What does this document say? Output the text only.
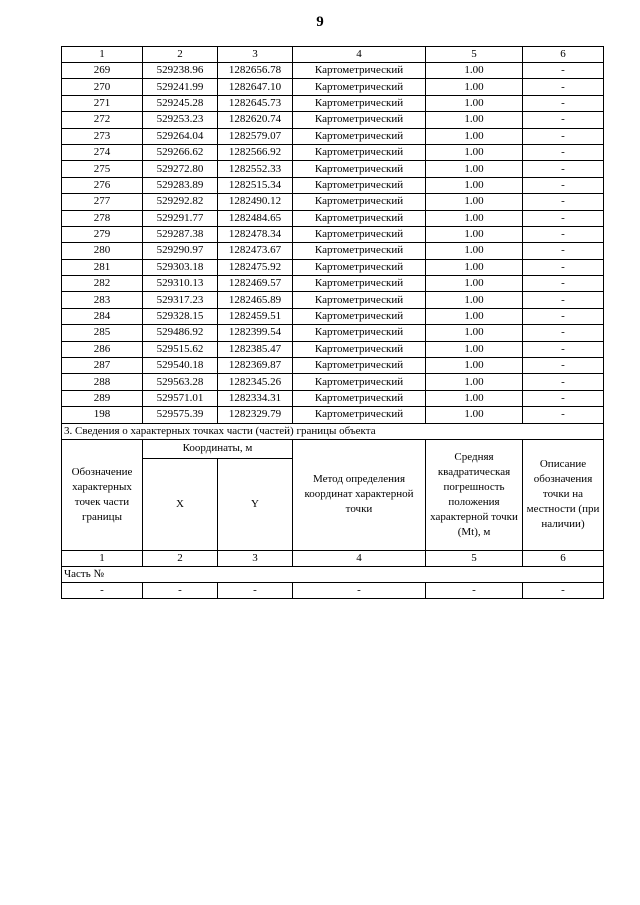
9
1	2	3	4	5	6
269	529238.96	1282656.78	Картометрический	1.00	-
270	529241.99	1282647.10	Картометрический	1.00	-
271	529245.28	1282645.73	Картометрический	1.00	-
272	529253.23	1282620.74	Картометрический	1.00	-
273	529264.04	1282579.07	Картометрический	1.00	-
274	529266.62	1282566.92	Картометрический	1.00	-
275	529272.80	1282552.33	Картометрический	1.00	-
276	529283.89	1282515.34	Картометрический	1.00	-
277	529292.82	1282490.12	Картометрический	1.00	-
278	529291.77	1282484.65	Картометрический	1.00	-
279	529287.38	1282478.34	Картометрический	1.00	-
280	529290.97	1282473.67	Картометрический	1.00	-
281	529303.18	1282475.92	Картометрический	1.00	-
282	529310.13	1282469.57	Картометрический	1.00	-
283	529317.23	1282465.89	Картометрический	1.00	-
284	529328.15	1282459.51	Картометрический	1.00	-
285	529486.92	1282399.54	Картометрический	1.00	-
286	529515.62	1282385.47	Картометрический	1.00	-
287	529540.18	1282369.87	Картометрический	1.00	-
288	529563.28	1282345.26	Картометрический	1.00	-
289	529571.01	1282334.31	Картометрический	1.00	-
198	529575.39	1282329.79	Картометрический	1.00	-
3. Сведения о характерных точках части (частей) границы объекта					
Обозначение характерных точек части границы	Координаты, м		Метод определения координат характерной точки	Средняя квадратическая погрешность положения характерной точки (Mt), м	Описание обозначения точки на местности (при наличии)
	X	Y			
1	2	3	4	5	6
Часть №					
-	-	-	-	-	-
